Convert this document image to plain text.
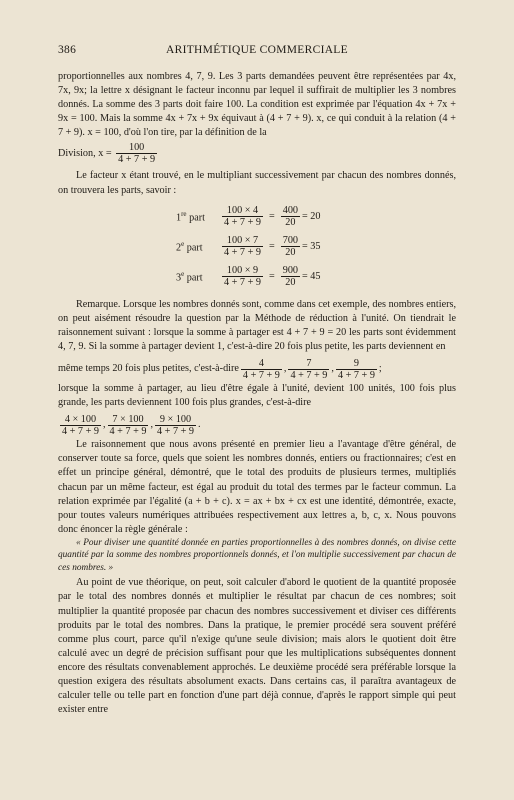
386	ARITHMÉTIQUE COMMERCIALE

proportionnelles aux nombres 4, 7, 9. Les 3 parts demandées peuvent être représentées par 4x, 7x, 9x; la lettre x désignant le facteur inconnu par lequel il suffirait de multiplier les 3 nombres donnés. La somme des 3 parts doit faire 100. La condition est exprimée par l'équation 4x + 7x + 9x = 100. Mais la somme 4x + 7x + 9x équivaut à (4 + 7 + 9). x, ce qui conduit à la relation (4 + 7 + 9). x = 100, d'où l'on tire, par la définition de la

Division, $x = \frac{100}{4 + 7 + 9}$

Le facteur x étant trouvé, en le multipliant successivement par chacun des nombres donnés, on trouvera les parts, savoir :

1re part	$\frac{100 \times 4}{4 + 7 + 9} = \frac{400}{20} = 20$
2e part	$\frac{100 \times 7}{4 + 7 + 9} = \frac{700}{20} = 35$
3e part	$\frac{100 \times 9}{4 + 7 + 9} = \frac{900}{20} = 45$

Remarque. Lorsque les nombres donnés sont, comme dans cet exemple, des nombres entiers, on peut aisément résoudre la question par la Méthode de réduction à l'unité. On tiendrait le raisonnement suivant : lorsque la somme à partager est 4 + 7 + 9 = 20 les parts sont évidemment 4, 7, 9. Si la somme à partager devient 1, c'est-à-dire 20 fois plus petite, les parts deviennent en

même temps 20 fois plus petites, c'est-à-dire $\frac{4}{4 + 7 + 9}$ , $\frac{7}{4 + 7 + 9}$ , $\frac{9}{4 + 7 + 9}$ ;

lorsque la somme à partager, au lieu d'être égale à l'unité, devient 100 unités, 100 fois plus grande, les parts deviennent 100 fois plus grandes, c'est-à-dire

$\frac{4 \times 100}{4 + 7 + 9}$ , $\frac{7 \times 100}{4 + 7 + 9}$ , $\frac{9 \times 100}{4 + 7 + 9}$ .

Le raisonnement que nous avons présenté en premier lieu a l'avantage d'être général, de conserver toute sa force, quels que soient les nombres donnés, entiers ou fractionnaires; c'est en effet un principe général, démontré, que le total des produits de plusieurs termes, multipliés chacun par un même facteur, est égal au produit du total des termes par le facteur commun. La relation exprimée par l'égalité (a + b + c). x = ax + bx + cx est une identité, démontrée, exacte, pour toutes valeurs numériques attribuées respectivement aux lettres a, b, c, x. Nous pouvons donc énoncer la règle générale :

« Pour diviser une quantité donnée en parties proportionnelles à des nombres donnés, on divise cette quantité par la somme des nombres proportionnels donnés, et l'on multiplie successivement par chacun de ces nombres. »

Au point de vue théorique, on peut, soit calculer d'abord le quotient de la quantité proposée par le total des nombres donnés et multiplier le résultat par chacun de ces nombres; soit multiplier la quantité proposée par chacun des nombres successivement et diviser ces différents produits par le total des nombres. Dans la pratique, le premier procédé sera souvent préféré comme plus court, parce qu'il n'exige qu'une seule division; mais alors le quotient doit être calculé avec un degré de précision suffisant pour que les multiplications subséquentes donnent encore des résultats convenablement approchés. Le deuxième procédé sera préférable lorsque la question exigera des résultats absolument exacts. Dans certains cas, il paraîtra avantageux de calculer telle ou telle part en fonction d'une part déjà connue, d'après le rapport simple qui peut exister entre
